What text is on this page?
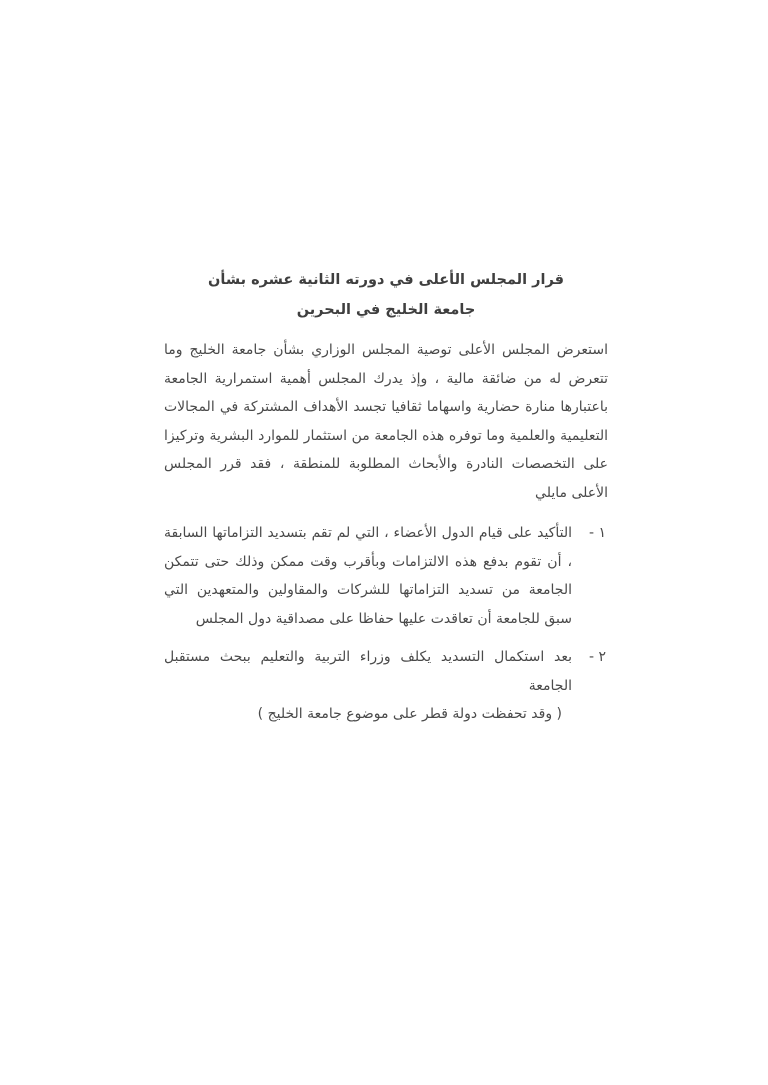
قرار المجلس الأعلى في دورته الثانية عشره بشأن
جامعة الخليج في البحرين

استعرض المجلس الأعلى توصية المجلس الوزاري بشأن جامعة الخليج وما تتعرض له من ضائقة مالية ، وإذ يدرك المجلس أهمية استمرارية الجامعة باعتبارها منارة حضارية واسهاما ثقافيا تجسد الأهداف المشتركة في المجالات التعليمية والعلمية وما توفره هذه الجامعة من استثمار للموارد البشرية وتركيزا على التخصصات النادرة والأبحاث المطلوبة للمنطقة ، فقد قرر المجلس الأعلى مايلي

١ -
التأكيد على قيام الدول الأعضاء ، التي لم تقم بتسديد التزاماتها السابقة ، أن تقوم بدفع هذه الالتزامات وبأقرب وقت ممكن وذلك حتى تتمكن الجامعة من تسديد التزاماتها للشركات والمقاولين والمتعهدين التي سبق للجامعة أن تعاقدت عليها حفاظا على مصداقية دول المجلس
٢ -
بعد استكمال التسديد يكلف وزراء التربية والتعليم ببحث مستقبل الجامعة
( وقد تحفظت دولة قطر على موضوع جامعة الخليج )
